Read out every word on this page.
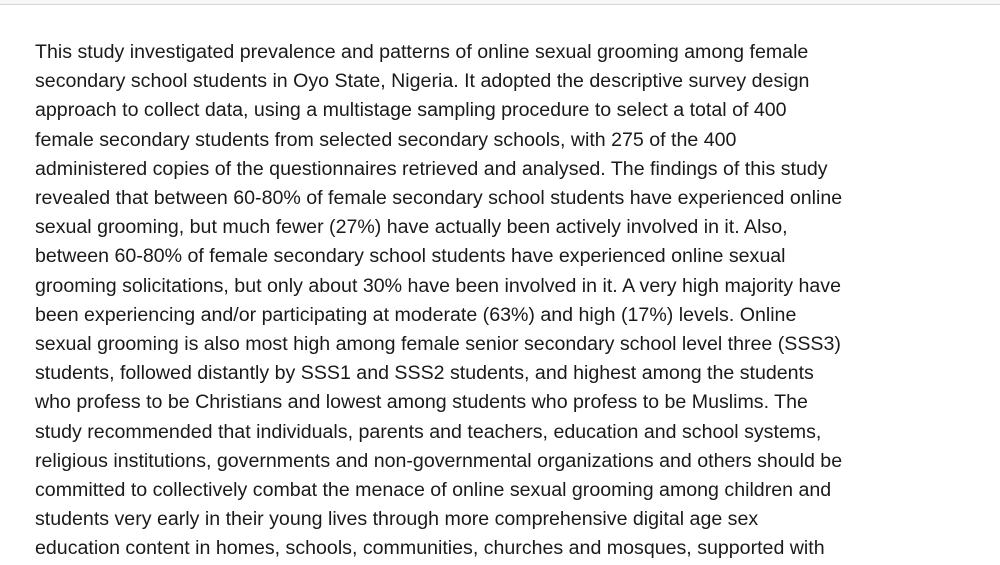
This study investigated prevalence and patterns of online sexual grooming among female
secondary school students in Oyo State, Nigeria. It adopted the descriptive survey design
approach to collect data, using a multistage sampling procedure to select a total of 400
female secondary students from selected secondary schools, with 275 of the 400
administered copies of the questionnaires retrieved and analysed. The findings of this study
revealed that between 60-80% of female secondary school students have experienced online
sexual grooming, but much fewer (27%) have actually been actively involved in it. Also,
between 60-80% of female secondary school students have experienced online sexual
grooming solicitations, but only about 30% have been involved in it. A very high majority have
been experiencing and/or participating at moderate (63%) and high (17%) levels. Online
sexual grooming is also most high among female senior secondary school level three (SSS3)
students, followed distantly by SSS1 and SSS2 students, and highest among the students
who profess to be Christians and lowest among students who profess to be Muslims. The
study recommended that individuals, parents and teachers, education and school systems,
religious institutions, governments and non-governmental organizations and others should be
committed to collectively combat the menace of online sexual grooming among children and
students very early in their young lives through more comprehensive digital age sex
education content in homes, schools, communities, churches and mosques, supported with
